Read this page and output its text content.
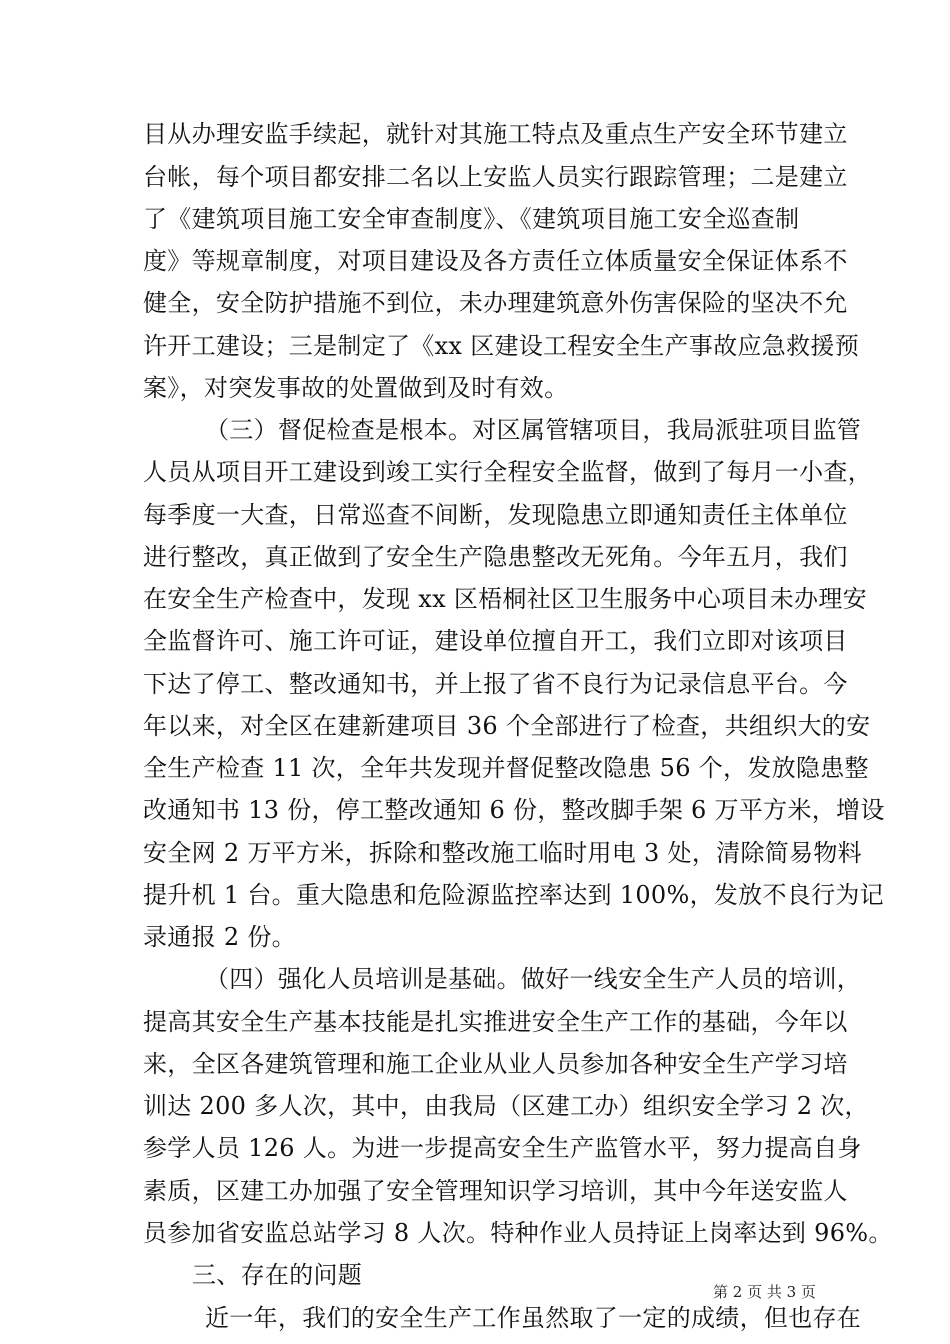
目从办理安监手续起，就针对其施工特点及重点生产安全环节建立
台帐，每个项目都安排二名以上安监人员实行跟踪管理；二是建立
了《建筑项目施工安全审查制度》、《建筑项目施工安全巡查制
度》等规章制度，对项目建设及各方责任立体质量安全保证体系不
健全，安全防护措施不到位，未办理建筑意外伤害保险的坚决不允
许开工建设；三是制定了《xx 区建设工程安全生产事故应急救援预
案》，对突发事故的处置做到及时有效。
（三）督促检查是根本。对区属管辖项目，我局派驻项目监管
人员从项目开工建设到竣工实行全程安全监督，做到了每月一小查，
每季度一大查，日常巡查不间断，发现隐患立即通知责任主体单位
进行整改，真正做到了安全生产隐患整改无死角。今年五月，我们
在安全生产检查中，发现 xx 区梧桐社区卫生服务中心项目未办理安
全监督许可、施工许可证，建设单位擅自开工，我们立即对该项目
下达了停工、整改通知书，并上报了省不良行为记录信息平台。今
年以来，对全区在建新建项目 36 个全部进行了检查，共组织大的安
全生产检查 11 次，全年共发现并督促整改隐患 56 个，发放隐患整
改通知书 13 份，停工整改通知 6 份，整改脚手架 6 万平方米，增设
安全网 2 万平方米，拆除和整改施工临时用电 3 处，清除简易物料
提升机 1 台。重大隐患和危险源监控率达到 100%，发放不良行为记
录通报 2 份。
（四）强化人员培训是基础。做好一线安全生产人员的培训，
提高其安全生产基本技能是扎实推进安全生产工作的基础，今年以
来，全区各建筑管理和施工企业从业人员参加各种安全生产学习培
训达 200 多人次，其中，由我局（区建工办）组织安全学习 2 次，
参学人员 126 人。为进一步提高安全生产监管水平，努力提高自身
素质，区建工办加强了安全管理知识学习培训，其中今年送安监人
员参加省安监总站学习 8 人次。特种作业人员持证上岗率达到 96%。
三、存在的问题
近一年，我们的安全生产工作虽然取了一定的成绩，但也存在
第 2 页 共 3 页
